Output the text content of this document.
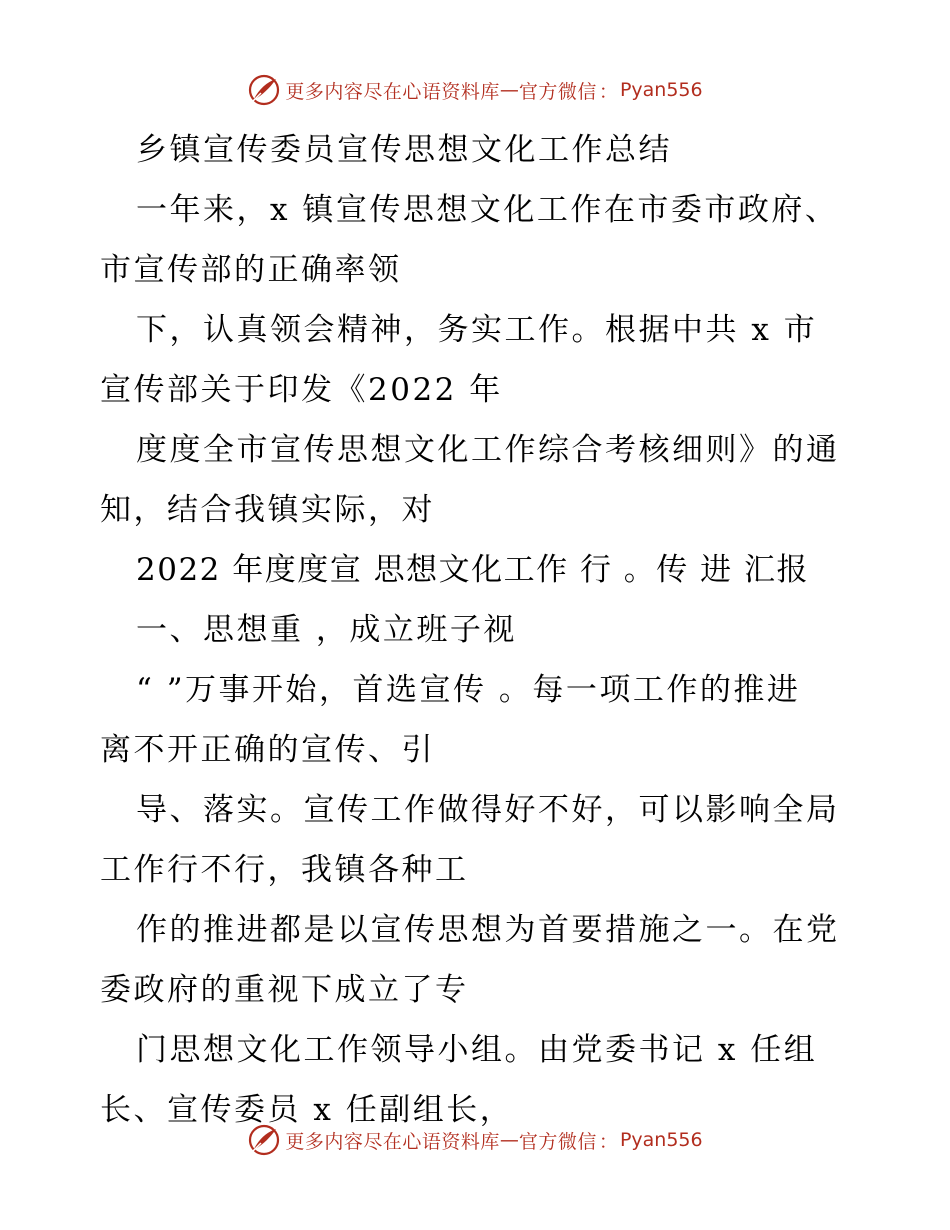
更多内容尽在心语资料库 — 官方微信 ： Pyan556
乡镇宣传委员宣传思想文化工作总结
一年来，x 镇宣传思想文化工作在市委市政府、
市宣传部的正确率领
下，认真领会精神，务实工作。根据中共 x 市
宣传部关于印发《2022 年
度度全市宣传思想文化工作综合考核细则》的通
知，结合我镇实际，对
2022 年度度宣 思想文化工作 行 。传 进 汇报
一、思想重 ，成立班子视
“ ”万事开始，首选宣传 。每一项工作的推进
离不开正确的宣传、引
导、落实。宣传工作做得好不好，可以影响全局
工作行不行，我镇各种工
作的推进都是以宣传思想为首要措施之一。在党
委政府的重视下成立了专
门思想文化工作领导小组。由党委书记 x 任组
长、宣传委员 x 任副组长，
更多内容尽在心语资料库 — 官方微信 ： Pyan556
